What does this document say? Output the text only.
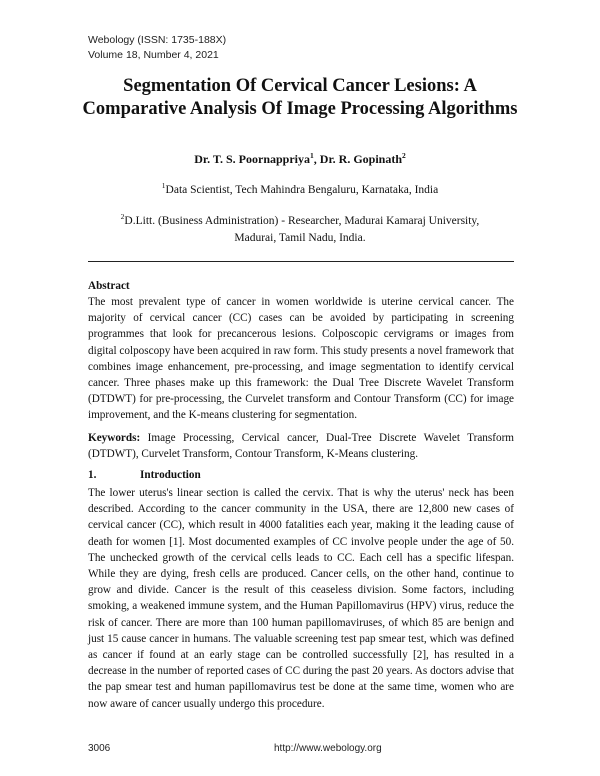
Webology (ISSN: 1735-188X)
Volume 18, Number 4, 2021
Segmentation Of Cervical Cancer Lesions: A
Comparative Analysis Of Image Processing Algorithms
Dr. T. S. Poornappriya$^1$, Dr. R. Gopinath$^2$
$^1$Data Scientist, Tech Mahindra Bengaluru, Karnataka, India
$^2$D.Litt. (Business Administration) - Researcher, Madurai Kamaraj University, Madurai, Tamil Nadu, India.
Abstract
The most prevalent type of cancer in women worldwide is uterine cervical cancer. The majority of cervical cancer (CC) cases can be avoided by participating in screening programmes that look for precancerous lesions. Colposcopic cervigrams or images from digital colposcopy have been acquired in raw form. This study presents a novel framework that combines image enhancement, pre-processing, and image segmentation to identify cervical cancer. Three phases make up this framework: the Dual Tree Discrete Wavelet Transform (DTDWT) for pre-processing, the Curvelet transform and Contour Transform (CC) for image improvement, and the K-means clustering for segmentation.
Keywords: Image Processing, Cervical cancer, Dual-Tree Discrete Wavelet Transform (DTDWT), Curvelet Transform, Contour Transform, K-Means clustering.
1.	Introduction
The lower uterus's linear section is called the cervix. That is why the uterus' neck has been described. According to the cancer community in the USA, there are 12,800 new cases of cervical cancer (CC), which result in 4000 fatalities each year, making it the leading cause of death for women [1]. Most documented examples of CC involve people under the age of 50. The unchecked growth of the cervical cells leads to CC. Each cell has a specific lifespan. While they are dying, fresh cells are produced. Cancer cells, on the other hand, continue to grow and divide. Cancer is the result of this ceaseless division. Some factors, including smoking, a weakened immune system, and the Human Papillomavirus (HPV) virus, reduce the risk of cancer. There are more than 100 human papillomaviruses, of which 85 are benign and just 15 cause cancer in humans. The valuable screening test pap smear test, which was defined as cancer if found at an early stage can be controlled successfully [2], has resulted in a decrease in the number of reported cases of CC during the past 20 years. As doctors advise that the pap smear test and human papillomavirus test be done at the same time, women who are now aware of cancer usually undergo this procedure.
3006	http://www.webology.org
